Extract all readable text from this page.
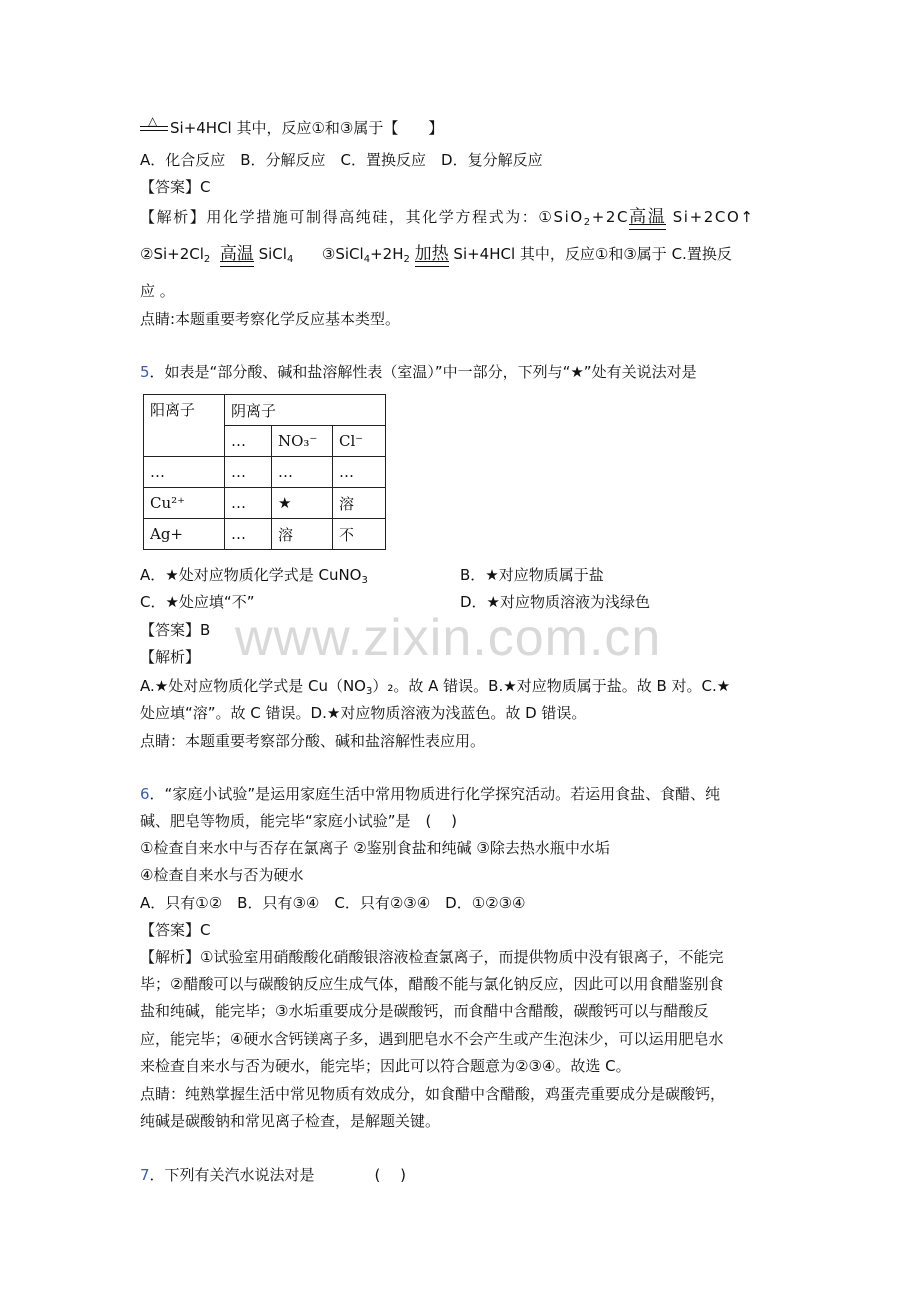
△ Si+4HCl 其中，反应①和③属于【　　】
A．化合反应　B．分解反应　C．置换反应　D．复分解反应
【答案】C
【解析】用化学措施可制得高纯硅，其化学方程式为：①SiO$_2$+2C高温 Si+2CO↑
$②Si+2Cl_2$ 高温 SiCl$_4$ $③SiCl_4+2H_2$ 加热 Si+4HCl 其中，反应①和③属于 C.置换反
应 。
点睛:本题重要考察化学反应基本类型。
5．如表是“部分酸、碱和盐溶解性表（室温）”中一部分，下列与“★”处有关说法对是
阳离子	阴离子		
	…	NO₃⁻	Cl⁻
…	…	…	…
Cu²⁺	…	★	溶
Ag+	…	溶	不
A．★处对应物质化学式是 CuNO$_3$	B．★对应物质属于盐
C．★处应填“不”	D．★对应物质溶液为浅绿色
www.zixin.com.cn
【答案】B
【解析】
A.★处对应物质化学式是 $Cu(NO_3)_2$。故 A 错误。B.★对应物质属于盐。故 B 对。C.★
处应填“溶”。故 C 错误。D.★对应物质溶液为浅蓝色。故 D 错误。
点睛：本题重要考察部分酸、碱和盐溶解性表应用。
6．“家庭小试验”是运用家庭生活中常用物质进行化学探究活动。若运用食盐、食醋、纯
碱、肥皂等物质，能完毕“家庭小试验”是　( 　)
①检查自来水中与否存在氯离子 ②鉴别食盐和纯碱 ③除去热水瓶中水垢
④检查自来水与否为硬水
A．只有①②　B．只有③④　C．只有②③④　D．①②③④
【答案】C
【解析】①试验室用硝酸酸化硝酸银溶液检查氯离子，而提供物质中没有银离子，不能完
毕；②醋酸可以与碳酸钠反应生成气体，醋酸不能与氯化钠反应，因此可以用食醋鉴别食
盐和纯碱，能完毕；③水垢重要成分是碳酸钙，而食醋中含醋酸，碳酸钙可以与醋酸反
应，能完毕；④硬水含钙镁离子多，遇到肥皂水不会产生或产生泡沫少，可以运用肥皂水
来检查自来水与否为硬水，能完毕；因此可以符合题意为②③④。故选 C。
点睛：纯熟掌握生活中常见物质有效成分，如食醋中含醋酸，鸡蛋壳重要成分是碳酸钙，
纯碱是碳酸钠和常见离子检查，是解题关键。
7．下列有关汽水说法对是　　　　( 　)
